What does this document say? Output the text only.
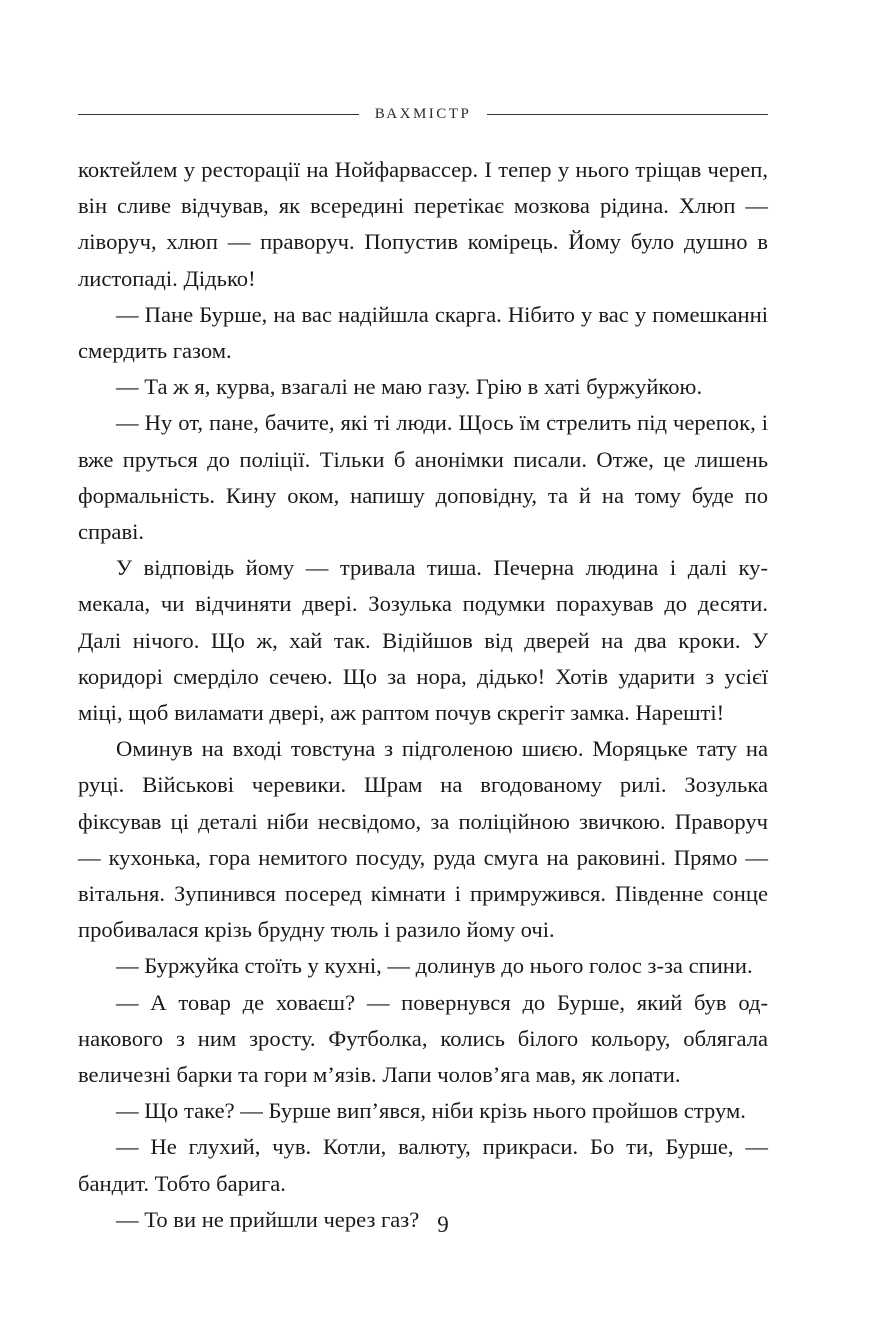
ВАХМІСТР

коктейлем у ресторації на Нойфарвассер. І тепер у нього тріщав череп, він сливе відчував, як всередині перетікає мозкова рідина. Хлюп — ліворуч, хлюп — праворуч. Попустив комірець. Йому було душно в листопаді. Дідько!

— Пане Бурше, на вас надійшла скарга. Нібито у вас у помешканні смердить газом.

— Та ж я, курва, взагалі не маю газу. Грію в хаті буржуйкою.

— Ну от, пане, бачите, які ті люди. Щось їм стрелить під черепок, і вже пруться до поліції. Тільки б анонімки писали. Отже, це лишень формальність. Кину оком, напишу доповідну, та й на тому буде по справі.

У відповідь йому — тривала тиша. Печерна людина і далі кумекала, чи відчиняти двері. Зозулька подумки порахував до десяти. Далі нічого. Що ж, хай так. Відійшов від дверей на два кроки. У коридорі смерділо сечею. Що за нора, дідько! Хотів ударити з усієї міці, щоб виламати двері, аж раптом почув скрегіт замка. Нарешті!

Оминув на вході товстуна з підголеною шиєю. Моряцьке тату на руці. Військові черевики. Шрам на вгодованому рилі. Зозулька фіксував ці деталі ніби несвідомо, за поліційною звичкою. Праворуч — кухонька, гора немитого посуду, руда смуга на раковині. Прямо — вітальня. Зупинився посеред кімнати і примружився. Південне сонце пробивалася крізь брудну тюль і разило йому очі.

— Буржуйка стоїть у кухні, — долинув до нього голос з-за спини.

— А товар де ховаєш? — повернувся до Бурше, який був однакового з ним зросту. Футболка, колись білого кольору, облягала величезні барки та гори м’язів. Лапи чолов’яга мав, як лопати.

— Що таке? — Бурше вип’явся, ніби крізь нього пройшов струм.

— Не глухий, чув. Котли, валюту, прикраси. Бо ти, Бурше, — бандит. Тобто барига.

— То ви не прийшли через газ? 9
